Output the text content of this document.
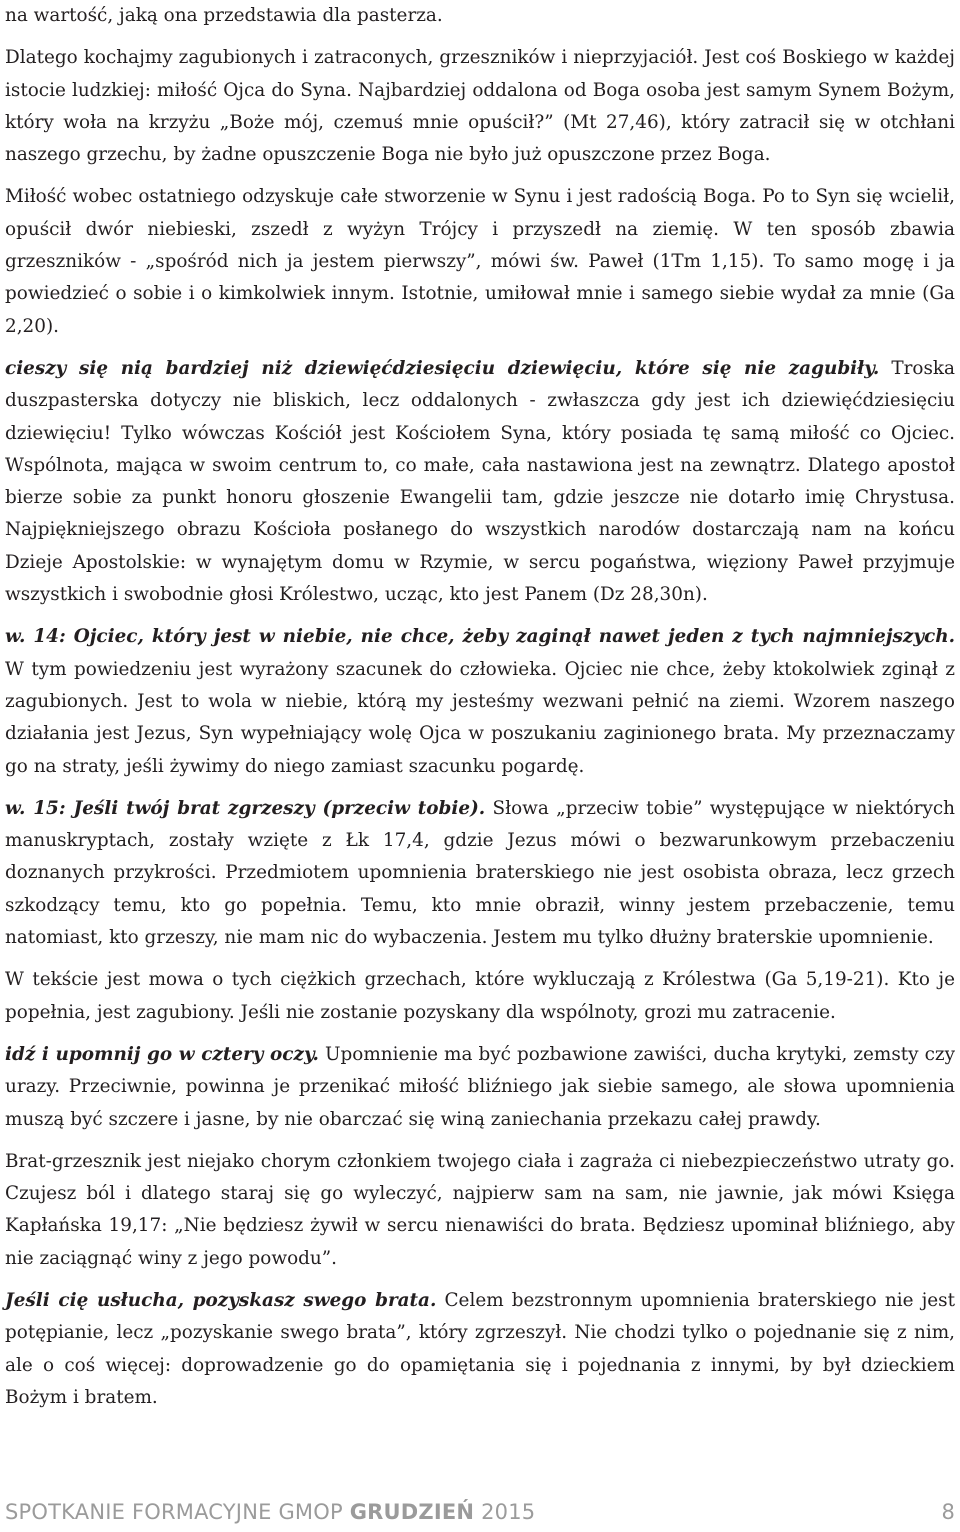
na wartość, jaką ona przedstawia dla pasterza.

Dlatego kochajmy zagubionych i zatraconych, grzeszników i nieprzyjaciół. Jest coś Boskiego w każdej istocie ludzkiej: miłość Ojca do Syna. Najbardziej oddalona od Boga osoba jest samym Synem Bożym, który woła na krzyżu „Boże mój, czemuś mnie opuścił?” (Mt 27,46), który zatracił się w otchłani naszego grzechu, by żadne opuszczenie Boga nie było już opuszczone przez Boga.

Miłość wobec ostatniego odzyskuje całe stworzenie w Synu i jest radością Boga. Po to Syn się wcielił, opuścił dwór niebieski, zszedł z wyżyn Trójcy i przyszedł na ziemię. W ten sposób zbawia grzeszników - „spośród nich ja jestem pierwszy”, mówi św. Paweł (1Tm 1,15). To samo mogę i ja powiedzieć o sobie i o kimkolwiek innym. Istotnie, umiłował mnie i samego siebie wydał za mnie (Ga 2,20).

cieszy się nią bardziej niż dziewięćdziesięciu dziewięciu, które się nie zagubiły. Troska duszpasterska dotyczy nie bliskich, lecz oddalonych - zwłaszcza gdy jest ich dziewięćdziesięciu dziewięciu! Tylko wówczas Kościół jest Kościołem Syna, który posiada tę samą miłość co Ojciec. Wspólnota, mająca w swoim centrum to, co małe, cała nastawiona jest na zewnątrz. Dlatego apostoł bierze sobie za punkt honoru głoszenie Ewangelii tam, gdzie jeszcze nie dotarło imię Chrystusa. Najpiękniejszego obrazu Kościoła posłanego do wszystkich narodów dostarczają nam na końcu Dzieje Apostolskie: w wynajętym domu w Rzymie, w sercu pogaństwa, więziony Paweł przyjmuje wszystkich i swobodnie głosi Królestwo, ucząc, kto jest Panem (Dz 28,30n).

w. 14: Ojciec, który jest w niebie, nie chce, żeby zaginął nawet jeden z tych najmniejszych. W tym powiedzeniu jest wyrażony szacunek do człowieka. Ojciec nie chce, żeby ktokolwiek zginął z zagubionych. Jest to wola w niebie, którą my jesteśmy wezwani pełnić na ziemi. Wzorem naszego działania jest Jezus, Syn wypełniający wolę Ojca w poszukaniu zaginionego brata. My przeznaczamy go na straty, jeśli żywimy do niego zamiast szacunku pogardę.

w. 15: Jeśli twój brat zgrzeszy (przeciw tobie). Słowa „przeciw tobie” występujące w niektórych manuskryptach, zostały wzięte z Łk 17,4, gdzie Jezus mówi o bezwarunkowym przebaczeniu doznanych przykrości. Przedmiotem upomnienia braterskiego nie jest osobista obraza, lecz grzech szkodzący temu, kto go popełnia. Temu, kto mnie obraził, winny jestem przebaczenie, temu natomiast, kto grzeszy, nie mam nic do wybaczenia. Jestem mu tylko dłużny braterskie upomnienie.

W tekście jest mowa o tych ciężkich grzechach, które wykluczają z Królestwa (Ga 5,19-21). Kto je popełnia, jest zagubiony. Jeśli nie zostanie pozyskany dla wspólnoty, grozi mu zatracenie.

idź i upomnij go w cztery oczy. Upomnienie ma być pozbawione zawiści, ducha krytyki, zemsty czy urazy. Przeciwnie, powinna je przenikać miłość bliźniego jak siebie samego, ale słowa upomnienia muszą być szczere i jasne, by nie obarczać się winą zaniechania przekazu całej prawdy.

Brat-grzesznik jest niejako chorym członkiem twojego ciała i zagraża ci niebezpieczeństwo utraty go. Czujesz ból i dlatego staraj się go wyleczyć, najpierw sam na sam, nie jawnie, jak mówi Księga Kapłańska 19,17: „Nie będziesz żywił w sercu nienawiści do brata. Będziesz upominał bliźniego, aby nie zaciągnąć winy z jego powodu”.

Jeśli cię usłucha, pozyskasz swego brata. Celem bezstronnym upomnienia braterskiego nie jest potępianie, lecz „pozyskanie swego brata”, który zgrzeszył. Nie chodzi tylko o pojednanie się z nim, ale o coś więcej: doprowadzenie go do opamiętania się i pojednania z innymi, by był dzieckiem Bożym i bratem.

SPOTKANIE FORMACYJNE GMOP GRUDZIEŃ 2015	8
